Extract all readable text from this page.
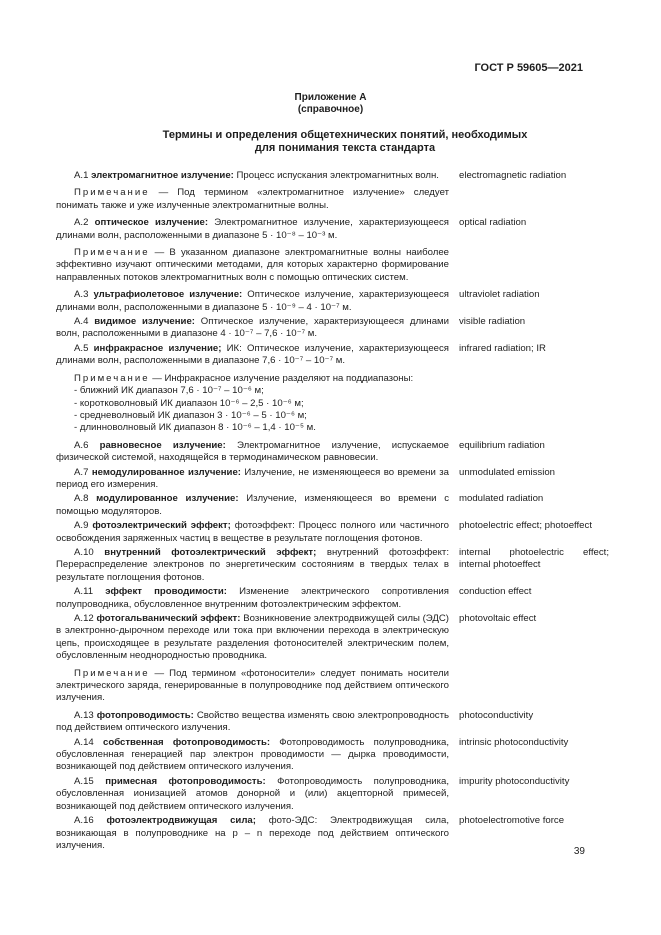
ГОСТ Р 59605—2021
Приложение А
(справочное)
Термины и определения общетехнических понятий, необходимых
для понимания текста стандарта
А.1 электромагнитное излучение: Процесс испускания электромагнитных волн.	electromagnetic radiation
Примечание — Под термином «электромагнитное излучение» следует понимать также и уже излученные электромагнитные волны.
А.2 оптическое излучение: Электромагнитное излучение, характеризующееся длинами волн, расположенными в диапазоне 5 · 10⁻⁸ – 10⁻³ м.
optical radiation
Примечание — В указанном диапазоне электромагнитные волны наиболее эффективно изучают оптическими методами, для которых характерно формирование направленных потоков электромагнитных волн с помощью оптических систем.
А.3 ультрафиолетовое излучение: Оптическое излучение, характеризующееся длинами волн, расположенными в диапазоне 5 · 10⁻⁹ – 4 · 10⁻⁷ м.
ultraviolet radiation
А.4 видимое излучение: Оптическое излучение, характеризующееся длинами волн, расположенными в диапазоне 4 · 10⁻⁷ – 7,6 · 10⁻⁷ м.
visible radiation
А.5 инфракрасное излучение; ИК: Оптическое излучение, характеризующееся длинами волн, расположенными в диапазоне 7,6 · 10⁻⁷ – 10⁻⁷ м.
infrared radiation; IR
Примечание — Инфракрасное излучение разделяют на поддиапазоны:
- ближний ИК диапазон 7,6 · 10⁻⁷ – 10⁻⁶ м;
- коротковолновый ИК диапазон 10⁻⁶ – 2,5 · 10⁻⁶ м;
- средневолновый ИК диапазон 3 · 10⁻⁶ – 5 · 10⁻⁶ м;
- длинноволновый ИК диапазон 8 · 10⁻⁶ – 1,4 · 10⁻⁵ м.
А.6 равновесное излучение: Электромагнитное излучение, испускаемое физической системой, находящейся в термодинамическом равновесии.
equilibrium radiation
А.7 немодулированное излучение: Излучение, не изменяющееся во времени за период его измерения.
unmodulated emission
А.8 модулированное излучение: Излучение, изменяющееся во времени с помощью модуляторов.
modulated radiation
А.9 фотоэлектрический эффект; фотоэффект: Процесс полного или частичного освобождения заряженных частиц в веществе в результате поглощения фотонов.
photoelectric effect; photoeffect
А.10 внутренний фотоэлектрический эффект; внутренний фотоэффект: Перераспределение электронов по энергетическим состояниям в твердых телах в результате поглощения фотонов.
internal photoelectric effect; internal photoeffect
А.11 эффект проводимости: Изменение электрического сопротивления полупроводника, обусловленное внутренним фотоэлектрическим эффектом.
conduction effect
А.12 фотогальванический эффект: Возникновение электродвижущей силы (ЭДС) в электронно-дырочном переходе или тока при включении перехода в электрическую цепь, происходящее в результате разделения фотоносителей электрическим полем, обусловленным неоднородностью проводника.
photovoltaic effect
Примечание — Под термином «фотоносители» следует понимать носители электрического заряда, генерированные в полупроводнике под действием оптического излучения.
А.13 фотопроводимость: Свойство вещества изменять свою электропроводность под действием оптического излучения.
photoconductivity
А.14 собственная фотопроводимость: Фотопроводимость полупроводника, обусловленная генерацией пар электрон проводимости — дырка проводимости, возникающей под действием оптического излучения.
intrinsic photoconductivity
А.15 примесная фотопроводимость: Фотопроводимость полупроводника, обусловленная ионизацией атомов донорной и (или) акцепторной примесей, возникающей под действием оптического излучения.
impurity photoconductivity
А.16 фотоэлектродвижущая сила; фото-ЭДС: Электродвижущая сила, возникающая в полупроводнике на p – n переходе под действием оптического излучения.
photoelectromotive force
39
